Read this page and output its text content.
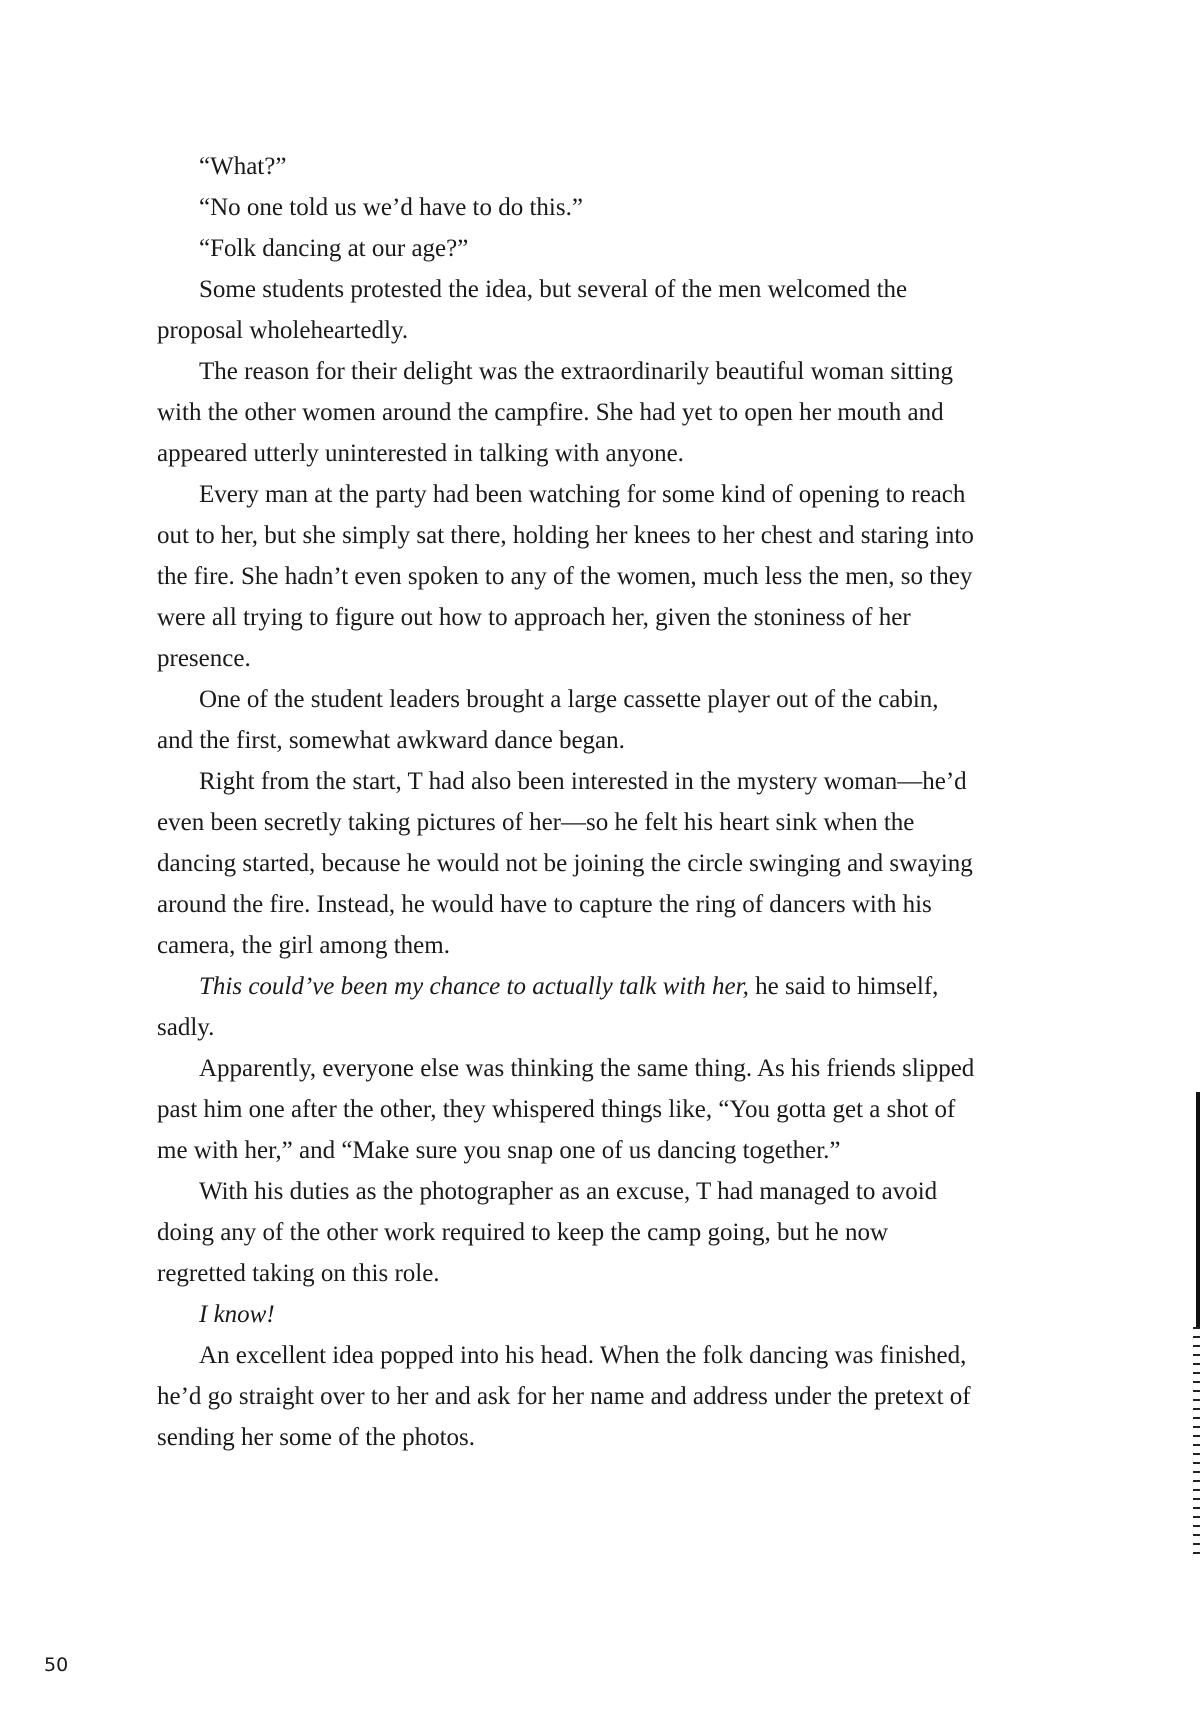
“What?”

“No one told us we’d have to do this.”

“Folk dancing at our age?”

Some students protested the idea, but several of the men welcomed the proposal wholeheartedly.

The reason for their delight was the extraordinarily beautiful woman sitting with the other women around the campfire. She had yet to open her mouth and appeared utterly uninterested in talking with anyone.

Every man at the party had been watching for some kind of opening to reach out to her, but she simply sat there, holding her knees to her chest and staring into the fire. She hadn’t even spoken to any of the women, much less the men, so they were all trying to figure out how to approach her, given the stoniness of her presence.

One of the student leaders brought a large cassette player out of the cabin, and the first, somewhat awkward dance began.

Right from the start, T had also been interested in the mystery woman—he’d even been secretly taking pictures of her—so he felt his heart sink when the dancing started, because he would not be joining the circle swinging and swaying around the fire. Instead, he would have to capture the ring of dancers with his camera, the girl among them.

This could’ve been my chance to actually talk with her, he said to himself, sadly.

Apparently, everyone else was thinking the same thing. As his friends slipped past him one after the other, they whispered things like, “You gotta get a shot of me with her,” and “Make sure you snap one of us dancing together.”

With his duties as the photographer as an excuse, T had managed to avoid doing any of the other work required to keep the camp going, but he now regretted taking on this role.

I know!

An excellent idea popped into his head. When the folk dancing was finished, he’d go straight over to her and ask for her name and address under the pretext of sending her some of the photos.

50
